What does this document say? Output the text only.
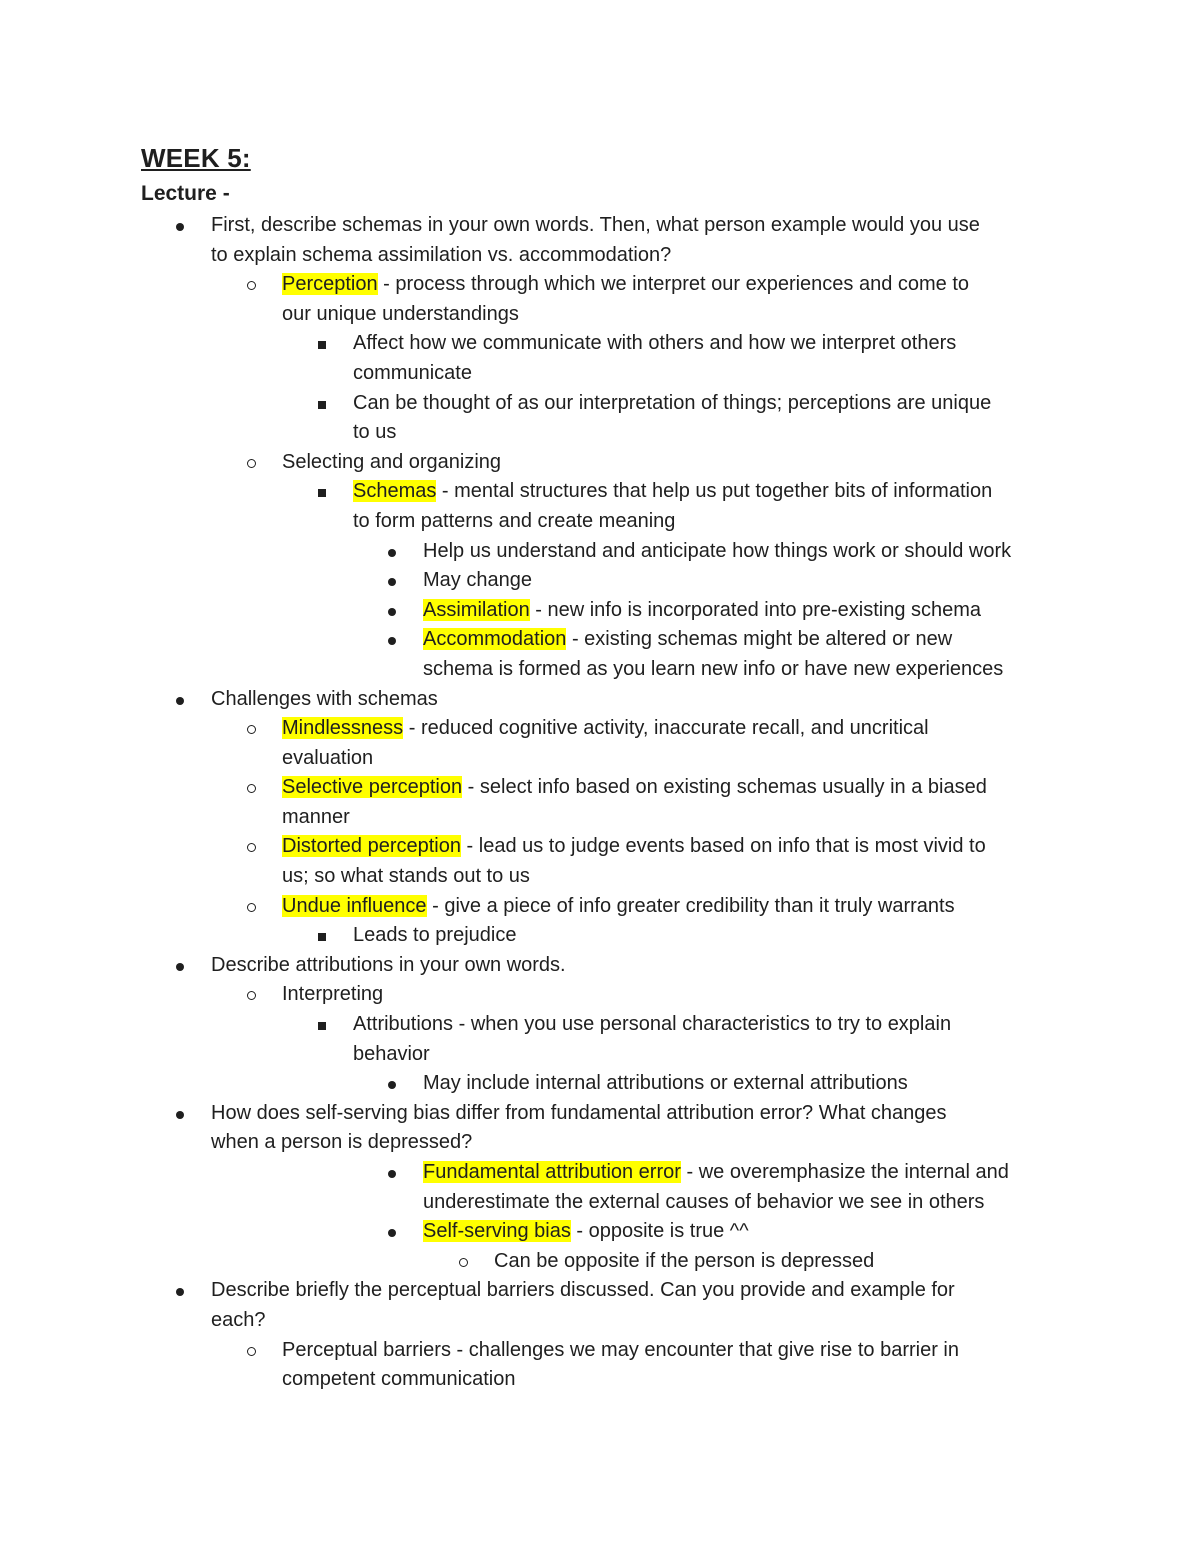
WEEK 5:
Lecture -
First, describe schemas in your own words. Then, what person example would you use
to explain schema assimilation vs. accommodation?
Perception - process through which we interpret our experiences and come to
our unique understandings
Affect how we communicate with others and how we interpret others
communicate
Can be thought of as our interpretation of things; perceptions are unique
to us
Selecting and organizing
Schemas - mental structures that help us put together bits of information
to form patterns and create meaning
Help us understand and anticipate how things work or should work
May change
Assimilation - new info is incorporated into pre-existing schema
Accommodation - existing schemas might be altered or new
schema is formed as you learn new info or have new experiences
Challenges with schemas
Mindlessness - reduced cognitive activity, inaccurate recall, and uncritical
evaluation
Selective perception - select info based on existing schemas usually in a biased
manner
Distorted perception - lead us to judge events based on info that is most vivid to
us; so what stands out to us
Undue influence - give a piece of info greater credibility than it truly warrants
Leads to prejudice
Describe attributions in your own words.
Interpreting
Attributions - when you use personal characteristics to try to explain
behavior
May include internal attributions or external attributions
How does self-serving bias differ from fundamental attribution error? What changes
when a person is depressed?
Fundamental attribution error - we overemphasize the internal and
underestimate the external causes of behavior we see in others
Self-serving bias - opposite is true ^^
Can be opposite if the person is depressed
Describe briefly the perceptual barriers discussed. Can you provide and example for
each?
Perceptual barriers - challenges we may encounter that give rise to barrier in
competent communication
